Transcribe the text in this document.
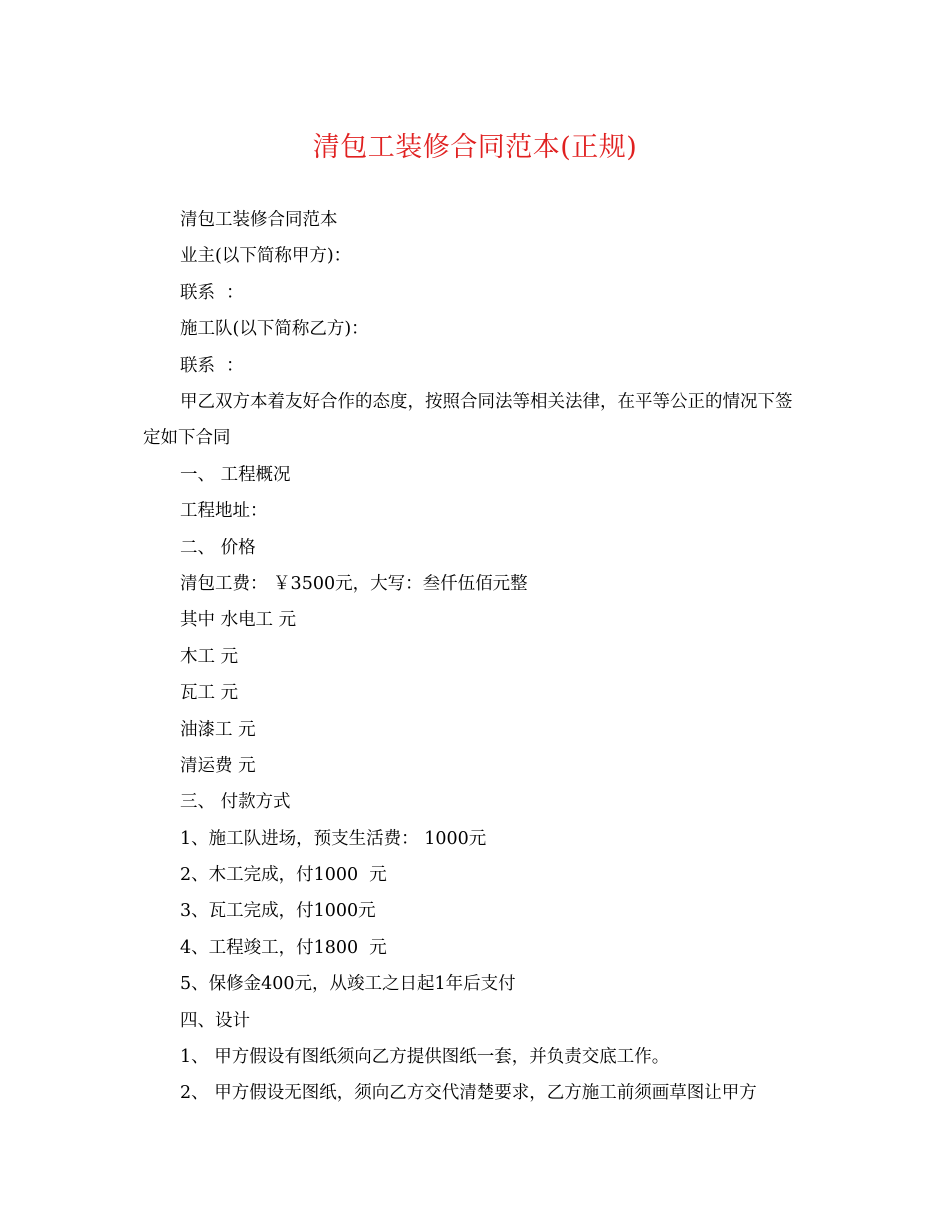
清包工装修合同范本(正规)
清包工装修合同范本
业主(以下简称甲方)：
联系  ：
施工队(以下简称乙方)：
联系  ：
甲乙双方本着友好合作的态度，按照合同法等相关法律，在平等公正的情况下签定如下合同
一、 工程概况
工程地址：
二、 价格
清包工费： ￥3500元，大写：叁仟伍佰元整
其中 水电工 元
木工 元
瓦工 元
油漆工 元
清运费 元
三、 付款方式
1、施工队进场，预支生活费： 1000元
2、木工完成，付1000  元
3、瓦工完成，付1000元
4、工程竣工，付1800  元
5、保修金400元，从竣工之日起1年后支付
四、设计
1、 甲方假设有图纸须向乙方提供图纸一套，并负责交底工作。
2、 甲方假设无图纸，须向乙方交代清楚要求，乙方施工前须画草图让甲方
